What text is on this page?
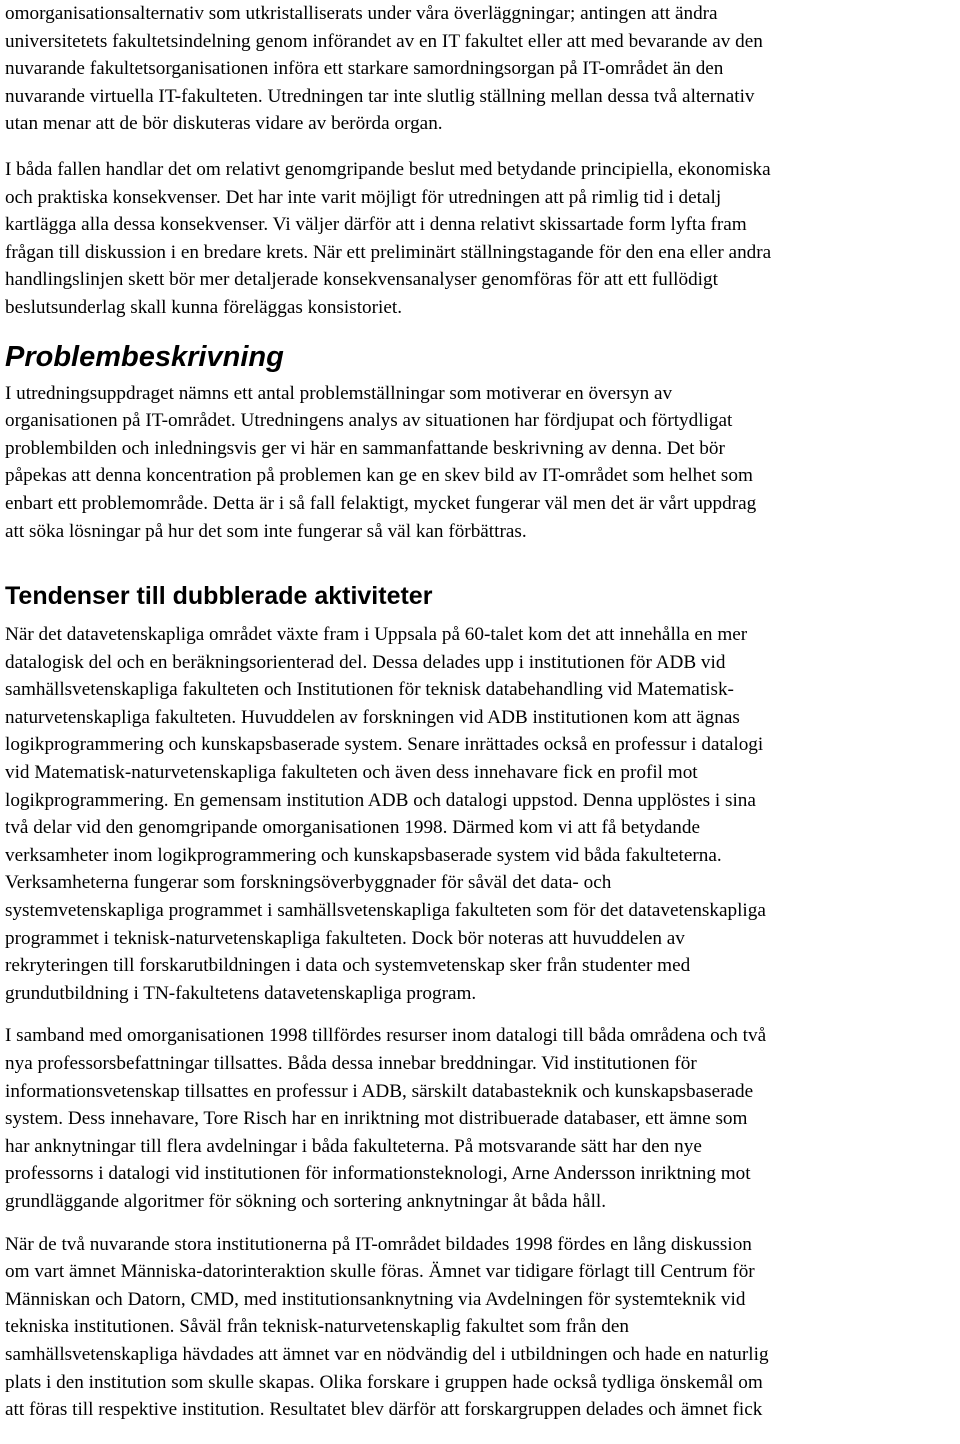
omorganisationsalternativ som utkristalliserats under våra överläggningar; antingen att ändra
universitetets fakultetsindelning genom införandet av en IT fakultet eller att med bevarande av den
nuvarande fakultetsorganisationen införa ett starkare samordningsorgan på IT-området än den
nuvarande virtuella IT-fakulteten. Utredningen tar inte slutlig ställning mellan dessa två alternativ
utan menar att de bör diskuteras vidare av berörda organ.

I båda fallen handlar det om relativt genomgripande beslut med betydande principiella, ekonomiska
och praktiska konsekvenser. Det har inte varit möjligt för utredningen att på rimlig tid i detalj
kartlägga alla dessa konsekvenser. Vi väljer därför att i denna relativt skissartade form lyfta fram
frågan till diskussion i en bredare krets. När ett preliminärt ställningstagande för den ena eller andra
handlingslinjen skett bör mer detaljerade konsekvensanalyser genomföras för att ett fullödigt
beslutsunderlag skall kunna föreläggas konsistoriet.

Problembeskrivning

I utredningsuppdraget nämns ett antal problemställningar som motiverar en översyn av
organisationen på IT-området. Utredningens analys av situationen har fördjupat och förtydligat
problembilden och inledningsvis ger vi här en sammanfattande beskrivning av denna. Det bör
påpekas att denna koncentration på problemen kan ge en skev bild av IT-området som helhet som
enbart ett problemområde. Detta är i så fall felaktigt, mycket fungerar väl men det är vårt uppdrag
att söka lösningar på hur det som inte fungerar så väl kan förbättras.

Tendenser till dubblerade aktiviteter

När det datavetenskapliga området växte fram i Uppsala på 60-talet kom det att innehålla en mer
datalogisk del och en beräkningsorienterad del. Dessa delades upp i institutionen för ADB vid
samhällsvetenskapliga fakulteten och Institutionen för teknisk databehandling vid Matematisk-
naturvetenskapliga fakulteten. Huvuddelen av forskningen vid ADB institutionen kom att ägnas
logikprogrammering och kunskapsbaserade system. Senare inrättades också en professur i datalogi
vid Matematisk-naturvetenskapliga fakulteten och även dess innehavare fick en profil mot
logikprogrammering. En gemensam institution ADB och datalogi uppstod. Denna upplöstes i sina
två delar vid den genomgripande omorganisationen 1998. Därmed kom vi att få betydande
verksamheter inom logikprogrammering och kunskapsbaserade system vid båda fakulteterna.
Verksamheterna fungerar som forskningsöverbyggnader för såväl det data- och
systemvetenskapliga programmet i samhällsvetenskapliga fakulteten som för det datavetenskapliga
programmet i teknisk-naturvetenskapliga fakulteten. Dock bör noteras att huvuddelen av
rekryteringen till forskarutbildningen i data och systemvetenskap sker från studenter med
grundutbildning i TN-fakultetens datavetenskapliga program.

I samband med omorganisationen 1998 tillfördes resurser inom datalogi till båda områdena och två
nya professorsbefattningar tillsattes. Båda dessa innebar breddningar. Vid institutionen för
informationsvetenskap tillsattes en professur i ADB, särskilt databasteknik och kunskapsbaserade
system. Dess innehavare, Tore Risch har en inriktning mot distribuerade databaser, ett ämne som
har anknytningar till flera avdelningar i båda fakulteterna. På motsvarande sätt har den nye
professorns i datalogi vid institutionen för informationsteknologi, Arne Andersson inriktning mot
grundläggande algoritmer för sökning och sortering anknytningar åt båda håll.

När de två nuvarande stora institutionerna på IT-området bildades 1998 fördes en lång diskussion
om vart ämnet Människa-datorinteraktion skulle föras. Ämnet var tidigare förlagt till Centrum för
Människan och Datorn, CMD, med institutionsanknytning via Avdelningen för systemteknik vid
tekniska institutionen. Såväl från teknisk-naturvetenskaplig fakultet som från den
samhällsvetenskapliga hävdades att ämnet var en nödvändig del i utbildningen och hade en naturlig
plats i den institution som skulle skapas. Olika forskare i gruppen hade också tydliga önskemål om
att föras till respektive institution. Resultatet blev därför att forskargruppen delades och ämnet fick
